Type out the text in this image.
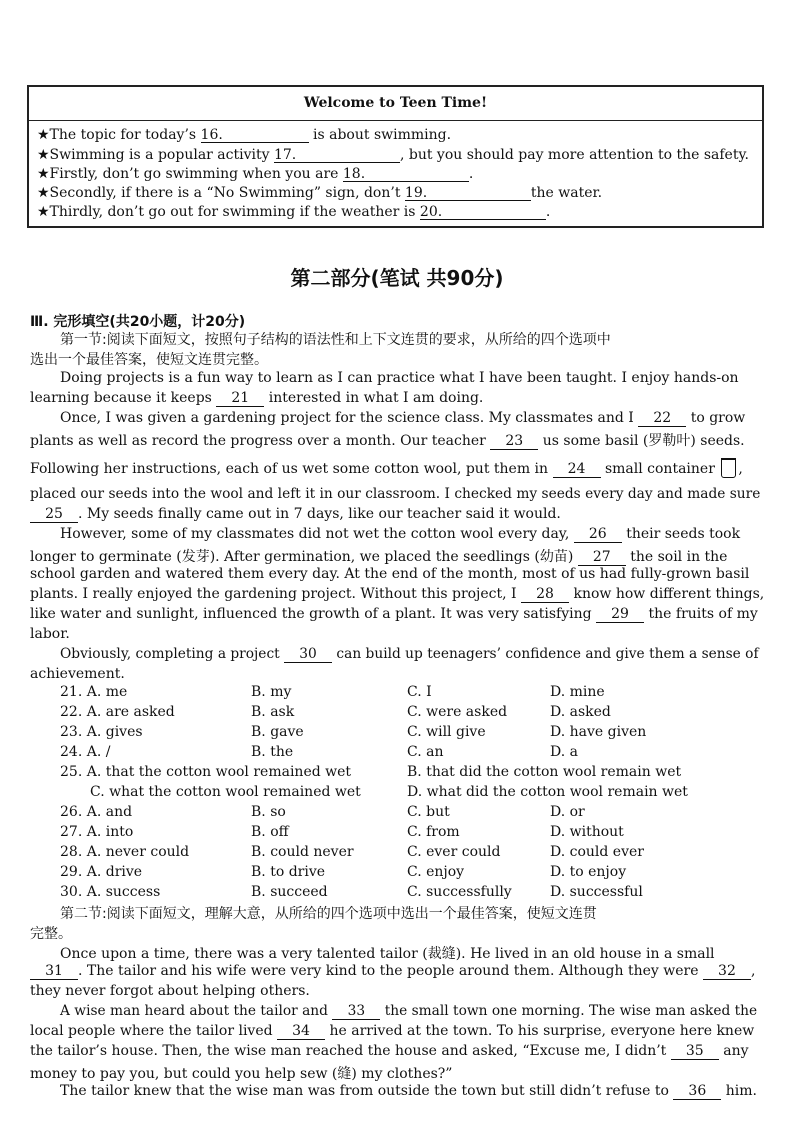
Welcome to Teen Time!
★The topic for today’s 16.	is about swimming.
★Swimming is a popular activity 17.	, but you should pay more attention to the safety.
★Firstly, don’t go swimming when you are 18.	.
★Secondly, if there is a “No Swimming” sign, don’t 19.	the water.
★Thirdly, don’t go out for swimming if the weather is 20.	.
第二部分(笔试 共90分)
Ⅲ. 完形填空(共20小题，计20分)
第一节:阅读下面短文，按照句子结构的语法性和上下文连贯的要求，从所给的四个选项中
选出一个最佳答案，使短文连贯完整。
Doing projects is a fun way to learn as I can practice what I have been taught. I enjoy hands-on
learning because it keeps 21 interested in what I am doing.
Once, I was given a gardening project for the science class. My classmates and I 22 to grow
plants as well as record the progress over a month. Our teacher 23 us some basil (罗勒叶) seeds.
Following her instructions, each of us wet some cotton wool, put them in 24 small container ,
placed our seeds into the wool and left it in our classroom. I checked my seeds every day and made sure
25 . My seeds finally came out in 7 days, like our teacher said it would.
However, some of my classmates did not wet the cotton wool every day, 26 their seeds took
longer to germinate (发芽). After germination, we placed the seedlings (幼苗) 27 the soil in the
school garden and watered them every day. At the end of the month, most of us had fully-grown basil
plants. I really enjoyed the gardening project. Without this project, I 28 know how different things,
like water and sunlight, influenced the growth of a plant. It was very satisfying 29 the fruits of my
labor.
Obviously, completing a project 30 can build up teenagers’ confidence and give them a sense of
achievement.
21. A. me	B. my	C. I	D. mine
22. A. are asked	B. ask	C. were asked	D. asked
23. A. gives	B. gave	C. will give	D. have given
24. A. /	B. the	C. an	D. a
25. A. that the cotton wool remained wet	B. that did the cotton wool remain wet
C. what the cotton wool remained wet	D. what did the cotton wool remain wet
26. A. and	B. so	C. but	D. or
27. A. into	B. off	C. from	D. without
28. A. never could	B. could never	C. ever could	D. could ever
29. A. drive	B. to drive	C. enjoy	D. to enjoy
30. A. success	B. succeed	C. successfully	D. successful
第二节:阅读下面短文，理解大意，从所给的四个选项中选出一个最佳答案，使短文连贯
完整。
Once upon a time, there was a very talented tailor (裁缝). He lived in an old house in a small
31 . The tailor and his wife were very kind to the people around them. Although they were 32 ,
they never forgot about helping others.
A wise man heard about the tailor and 33 the small town one morning. The wise man asked the
local people where the tailor lived 34 he arrived at the town. To his surprise, everyone here knew
the tailor’s house. Then, the wise man reached the house and asked, “Excuse me, I didn’t 35 any
money to pay you, but could you help sew (缝) my clothes?”
The tailor knew that the wise man was from outside the town but still didn’t refuse to 36 him.
